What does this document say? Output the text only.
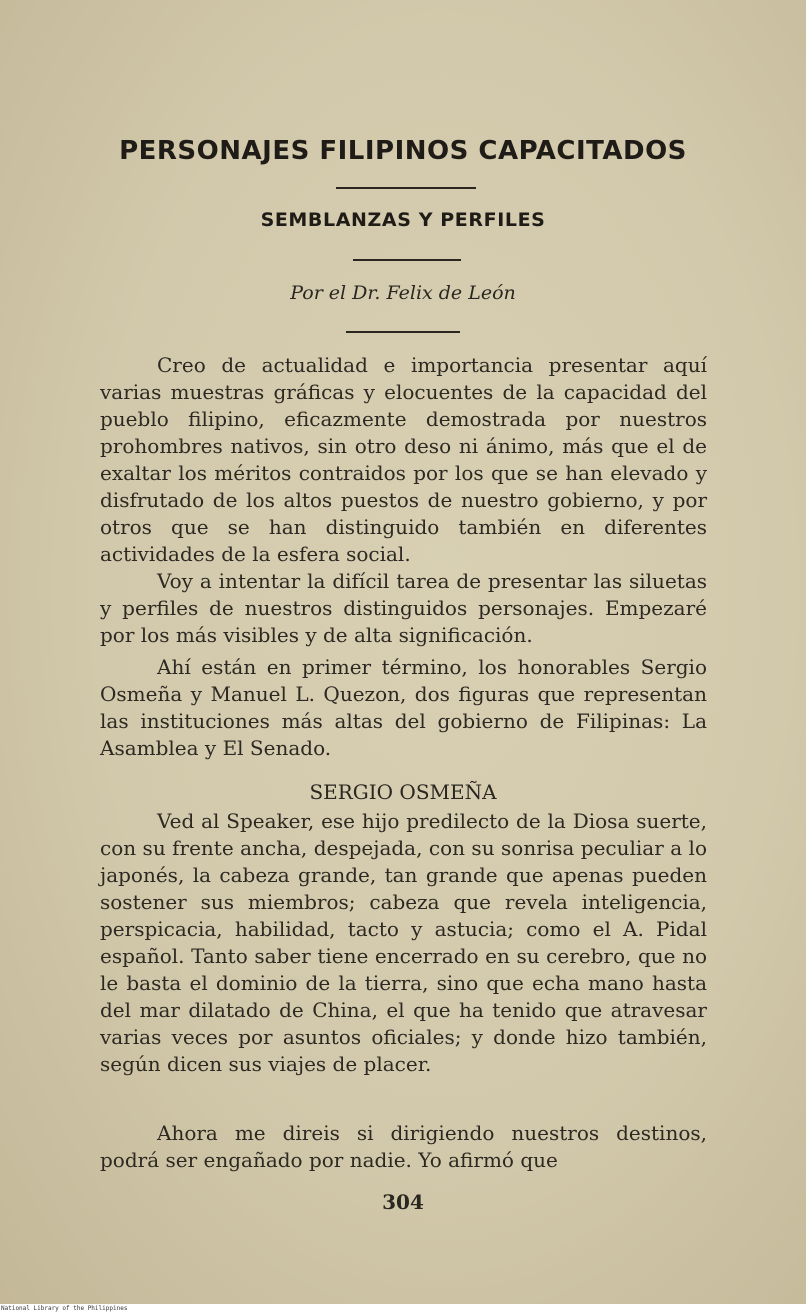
PERSONAJES FILIPINOS CAPACITADOS
SEMBLANZAS Y PERFILES
Por el Dr. Felix de León

Creo de actualidad e importancia presentar aquí varias muestras gráficas y elocuentes de la capacidad del pueblo filipino, eficazmente demostrada por nuestros prohombres nativos, sin otro deso ni ánimo, más que el de exaltar los méritos contraidos por los que se han elevado y disfrutado de los altos puestos de nuestro gobierno, y por otros que se han distinguido también en diferentes actividades de la esfera social.

Voy a intentar la difícil tarea de presentar las siluetas y perfiles de nuestros distinguidos personajes. Empezaré por los más visibles y de alta significación.

Ahí están en primer término, los honorables Sergio Osmeña y Manuel L. Quezon, dos figuras que representan las instituciones más altas del gobierno de Filipinas: La Asamblea y El Senado.

SERGIO OSMEÑA

Ved al Speaker, ese hijo predilecto de la Diosa suerte, con su frente ancha, despejada, con su sonrisa peculiar a lo japonés, la cabeza grande, tan grande que apenas pueden sostener sus miembros; cabeza que revela inteligencia, perspicacia, habilidad, tacto y astucia; como el A. Pidal español. Tanto saber tiene encerrado en su cerebro, que no le basta el dominio de la tierra, sino que echa mano hasta del mar dilatado de China, el que ha tenido que atravesar varias veces por asuntos oficiales; y donde hizo también, según dicen sus viajes de placer.

Ahora me direis si dirigiendo nuestros destinos, podrá ser engañado por nadie. Yo afirmó que

304
National Library of the Philippines
